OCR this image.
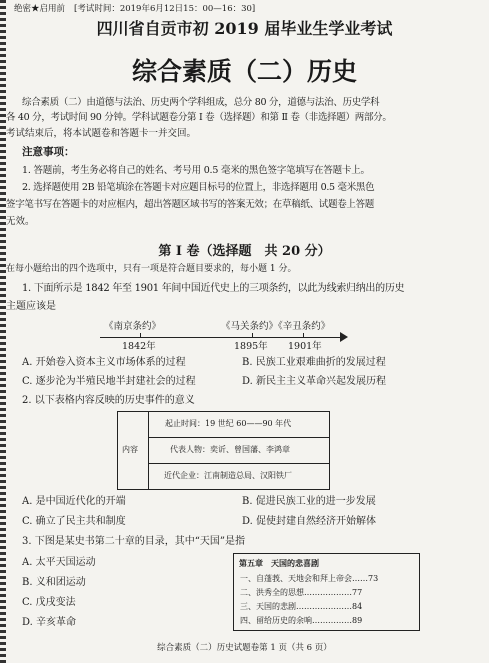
绝密★启用前 [考试时间：2019年6月12日15：00—16：30]
四川省自贡市初 2019 届毕业生学业考试
综合素质（二）历史
综合素质（二）由道德与法治、历史两个学科组成，总分 80 分，道德与法治、历史学科
各 40 分，考试时间 90 分钟。学科试题卷分第 Ⅰ 卷（选择题）和第 Ⅱ 卷（非选择题）两部分。
考试结束后，将本试题卷和答题卡一并交回。
注意事项：
1. 答题前，考生务必将自己的姓名、考号用 0.5 毫米的黑色签字笔填写在答题卡上。
2. 选择题使用 2B 铅笔填涂在答题卡对应题目标号的位置上，非选择题用 0.5 毫米黑色
签字笔书写在答题卡的对应框内，超出答题区域书写的答案无效；在草稿纸、试题卷上答题
无效。
第 Ⅰ 卷（选择题　共 20 分）
在每小题给出的四个选项中，只有一项是符合题目要求的，每小题 1 分。
1. 下面所示是 1842 年至 1901 年间中国近代史上的三项条约，以此为线索归纳出的历史
主题应该是
《南京条约》	《马关条约》《辛丑条约》
1842年	1895年 1901年
A. 开始卷入资本主义市场体系的过程	B. 民族工业艰难曲折的发展过程
C. 逐步沦为半殖民地半封建社会的过程	D. 新民主主义革命兴起发展历程
2. 以下表格内容反映的历史事件的意义
内容
起止时间：19 世纪 60——90 年代
代表人物：奕䜣、曾国藩、李鸿章
近代企业：江南制造总局、汉阳铁厂
A. 是中国近代化的开端	B. 促进民族工业的进一步发展
C. 确立了民主共和制度	D. 促使封建自然经济开始解体
3. 下图是某史书第二十章的目录，其中“天国”是指
A. 太平天国运动
B. 义和团运动
C. 戊戌变法
D. 辛亥革命
第五章　天国的悲喜剧
一、自蓬莪、天地会和拜上帝会……73
二、洪秀全的思想………………77
三、天国的悲剧…………………84
四、留给历史的余响……………89
综合素质（二）历史试题卷第 1 页（共 6 页）
